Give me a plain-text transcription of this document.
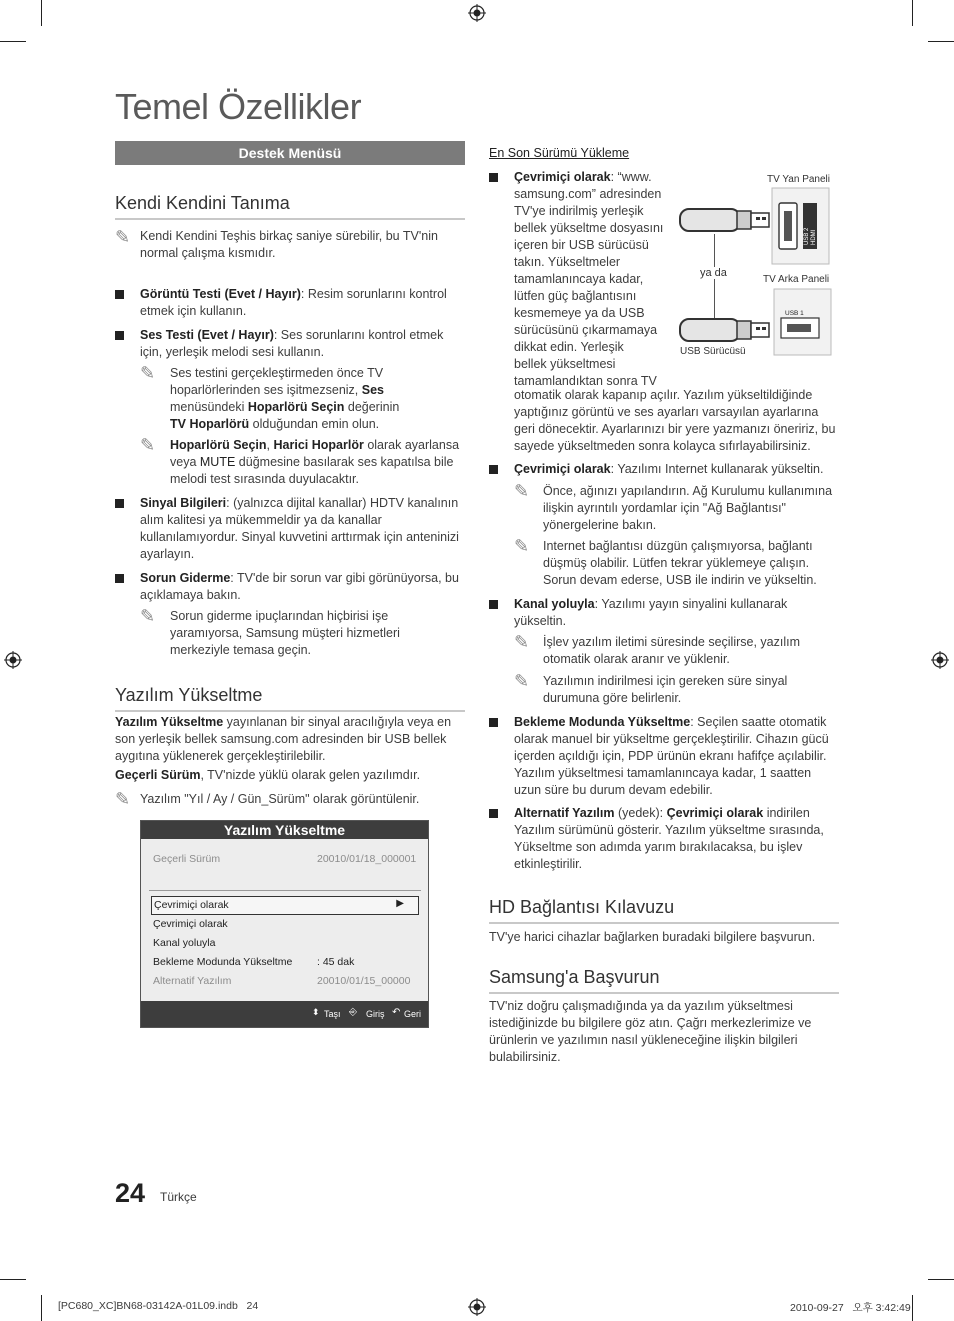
Temel Özellikler
Destek Menüsü
Kendi Kendini Tanıma
✎ Kendi Kendini Teşhis birkaç saniye sürebilir, bu TV'nin normal çalışma kısmıdır.
Görüntü Testi (Evet / Hayır): Resim sorunlarını kontrol etmek için kullanın.
Ses Testi (Evet / Hayır): Ses sorunlarını kontrol etmek için, yerleşik melodi sesi kullanın.
✎ Ses testini gerçekleştirmeden önce TV hoparlörlerinden ses işitmezseniz, Ses menüsündeki Hoparlörü Seçin değerinin
TV Hoparlörü olduğundan emin olun.
✎ Hoparlörü Seçin, Harici Hoparlör olarak ayarlansa veya MUTE düğmesine basılarak ses kapatılsa bile melodi test sırasında duyulacaktır.
Sinyal Bilgileri: (yalnızca dijital kanallar) HDTV kanalının alım kalitesi ya mükemmeldir ya da kanallar kullanılamıyordur. Sinyal kuvvetini arttırmak için anteninizi ayarlayın.
Sorun Giderme: TV'de bir sorun var gibi görünüyorsa, bu açıklamaya bakın.
✎ Sorun giderme ipuçlarından hiçbirisi işe yaramıyorsa, Samsung müşteri hizmetleri merkeziyle temasa geçin.
Yazılım Yükseltme
Yazılım Yükseltme yayınlanan bir sinyal aracılığıyla veya en son yerleşik bellek samsung.com adresinden bir USB bellek aygıtına yüklenerek gerçekleştirilebilir.
Geçerli Sürüm, TV'nizde yüklü olarak gelen yazılımdır.
✎ Yazılım "Yıl / Ay / Gün_Sürüm" olarak görüntülenir.
Yazılım Yükseltme
Geçerli Sürüm	20010/01/18_000001
Çevrimiçi olarak	▶
Çevrimiçi olarak
Kanal yoluyla
Bekleme Modunda Yükseltme : 45 dak
Alternatif Yazılım	20010/01/15_00000
⬍ Taşı ⎆ Giriş ↶ Geri
En Son Sürümü Yükleme
Çevrimiçi olarak: “www.
samsung.com” adresinden
TV'ye indirilmiş yerleşik
bellek yükseltme dosyasını
içeren bir USB sürücüsü
takın. Yükseltmeler
tamamlanıncaya kadar,
lütfen güç bağlantısını
kesmemeye ya da USB
sürücüsünü çıkarmamaya
dikkat edin. Yerleşik
bellek yükseltmesi
tamamlandıktan sonra TV
otomatik olarak kapanıp açılır. Yazılım yükseltildiğinde yaptığınız görüntü ve ses ayarları varsayılan ayarlarına geri dönecektir. Ayarlarınızı bir yere yazmanızı öneririz, bu sayede yükseltmeden sonra kolayca sıfırlayabilirsiniz.
TV Yan Paneli
USB 2 HDMI
ya da
TV Arka Paneli
USB 1
USB Sürücüsü
Çevrimiçi olarak: Yazılımı Internet kullanarak yükseltin.
✎ Önce, ağınızı yapılandırın. Ağ Kurulumu kullanımına ilişkin ayrıntılı yordamlar için "Ağ Bağlantısı" yönergelerine bakın.
✎ Internet bağlantısı düzgün çalışmıyorsa, bağlantı düşmüş olabilir. Lütfen tekrar yüklemeye çalışın. Sorun devam ederse, USB ile indirin ve yükseltin.
Kanal yoluyla: Yazılımı yayın sinyalini kullanarak yükseltin.
✎ İşlev yazılım iletimi süresinde seçilirse, yazılım otomatik olarak aranır ve yüklenir.
✎ Yazılımın indirilmesi için gereken süre sinyal durumuna göre belirlenir.
Bekleme Modunda Yükseltme: Seçilen saatte otomatik olarak manuel bir yükseltme gerçekleştirilir. Cihazın gücü içerden açıldığı için, PDP ürünün ekranı hafifçe açılabilir. Yazılım yükseltmesi tamamlanıncaya kadar, 1 saatten uzun süre bu durum devam edebilir.
Alternatif Yazılım (yedek): Çevrimiçi olarak indirilen Yazılım sürümünü gösterir. Yazılım yükseltme sırasında, Yükseltme son adımda yarım bırakılacaksa, bu işlev etkinleştirilir.
HD Bağlantısı Kılavuzu
TV'ye harici cihazlar bağlarken buradaki bilgilere başvurun.
Samsung'a Başvurun
TV'niz doğru çalışmadığında ya da yazılım yükseltmesi istediğinizde bu bilgilere göz atın. Çağrı merkezlerimize ve ürünlerin ve yazılımın nasıl yükleneceğine ilişkin bilgileri bulabilirsiniz.
24 Türkçe
[PC680_XC]BN68-03142A-01L09.indb   24	2010-09-27   오후 3:42:49
